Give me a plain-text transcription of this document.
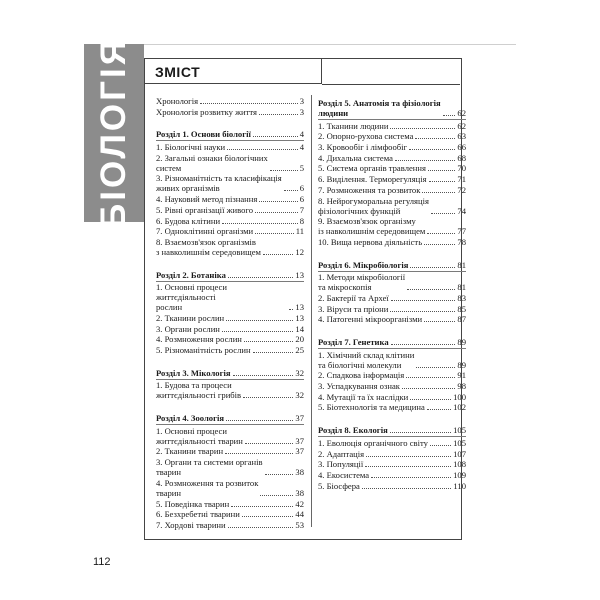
БІОЛОГІЯ ЗМІСТ
Хронологія	3
Хронологія розвитку життя	3
Розділ 1. Основи біології	4
1. Біологічні науки	4
2. Загальні ознаки біологічних
систем	5
3. Різноманітність та класифікація
живих організмів	6
4. Науковий метод пізнання	6
5. Рівні організації живого	7
6. Будова клітини	8
7. Одноклітинні організми	11
8. Взаємозв'язок організмів
з навколишнім середовищем	12
Розділ 2. Ботаніка	13
1. Основні процеси життєдіяльності
рослин	13
2. Тканини рослин	13
3. Органи рослин	14
4. Розмноження рослин	20
5. Різноманітність рослин	25
Розділ 3. Мікологія	32
1. Будова та процеси
життєдіяльності грибів	32
Розділ 4. Зоологія	37
1. Основні процеси
життєдіяльності тварин	37
2. Тканини тварин	37
3. Органи та системи органів
тварин	38
4. Розмноження та розвиток
тварин	38
5. Поведінка тварин	42
6. Безхребетні тварини	44
7. Хордові тварини	53
Розділ 5. Анатомія та фізіологія
людини	62
1. Тканини людини	62
2. Опорно-рухова система	63
3. Кровообіг і лімфообіг	66
4. Дихальна система	68
5. Система органів травлення	70
6. Виділення. Терморегуляція	71
7. Розмноження та розвиток	72
8. Нейрогуморальна регуляція
фізіологічних функцій	74
9. Взаємозв'язок організму
із навколишнім середовищем	77
10. Вища нервова діяльність	78
Розділ 6. Мікробіологія	81
1. Методи мікробіології
та мікроскопія	81
2. Бактерії та Археї	83
3. Віруси та пріони	85
4. Патогенні мікроорганізми	87
Розділ 7. Генетика	89
1. Хімічний склад клітини
та біологічні молекули	89
2. Спадкова інформація	91
3. Успадкування ознак	98
4. Мутації та їх наслідки	100
5. Біотехнологія та медицина	102
Розділ 8. Екологія	105
1. Еволюція органічного світу	105
2. Адаптація	107
3. Популяції	108
4. Екосистема	109
5. Біосфера	110
112
